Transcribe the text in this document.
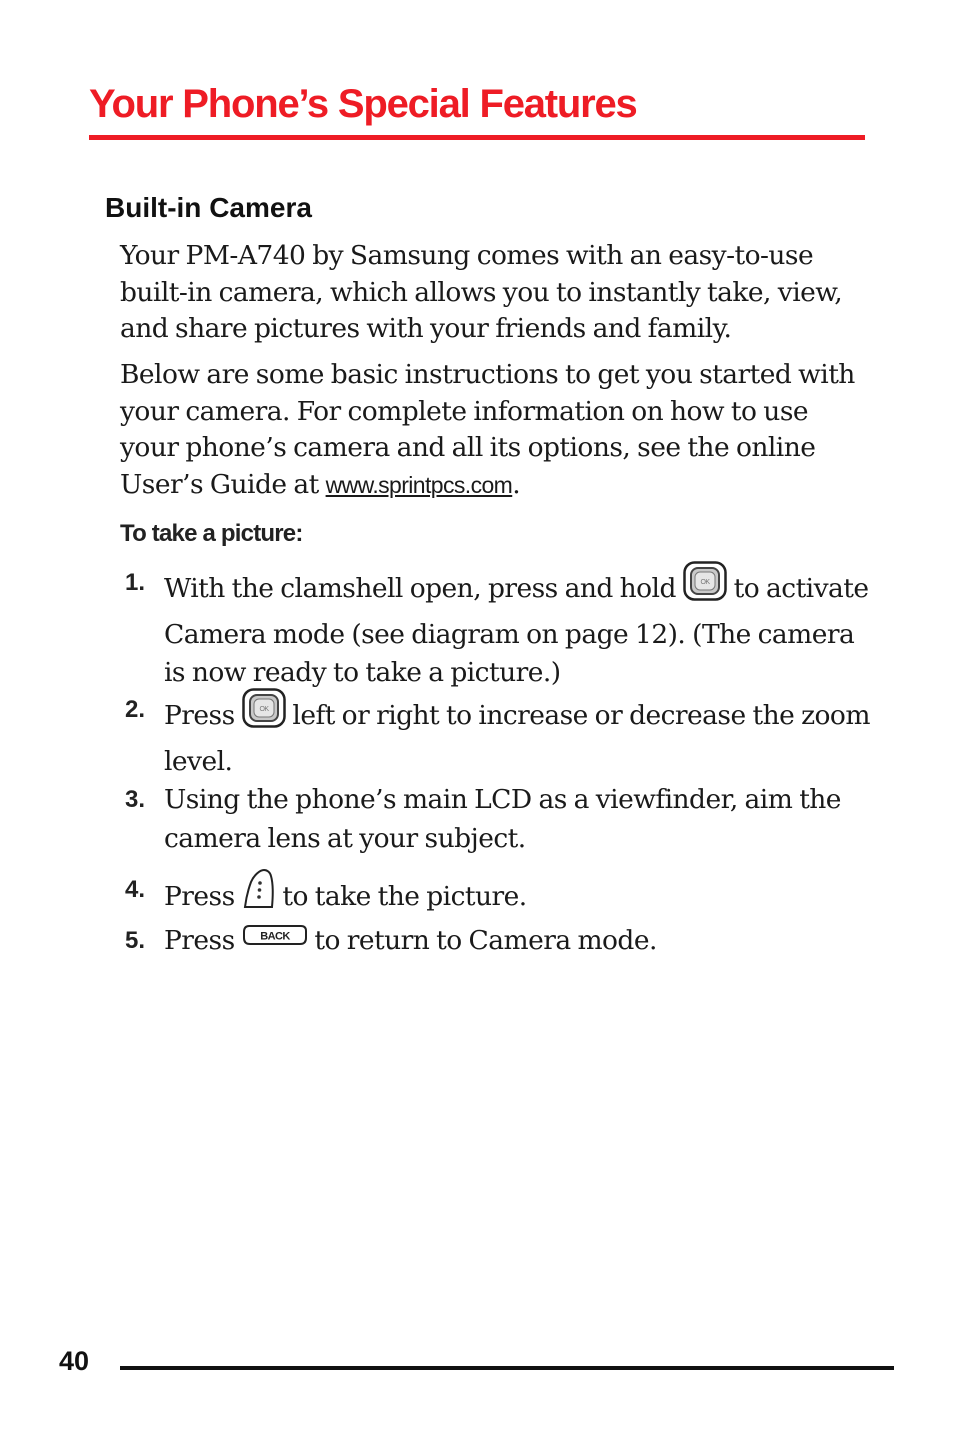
Your Phone’s Special Features
Built-in Camera

Your PM-A740 by Samsung comes with an easy-to-use built-in camera, which allows you to instantly take, view, and share pictures with your friends and family.

Below are some basic instructions to get you started with your camera. For complete information on how to use your phone’s camera and all its options, see the online User’s Guide at www.sprintpcs.com.

To take a picture:
1. With the clamshell open, press and hold OK to activate Camera mode (see diagram on page 12). (The camera is now ready to take a picture.)

2. Press OK left or right to increase or decrease the zoom level.

3. Using the phone’s main LCD as a viewfinder, aim the camera lens at your subject.

4. Press  to take the picture.

5. Press BACK to return to Camera mode.

40
